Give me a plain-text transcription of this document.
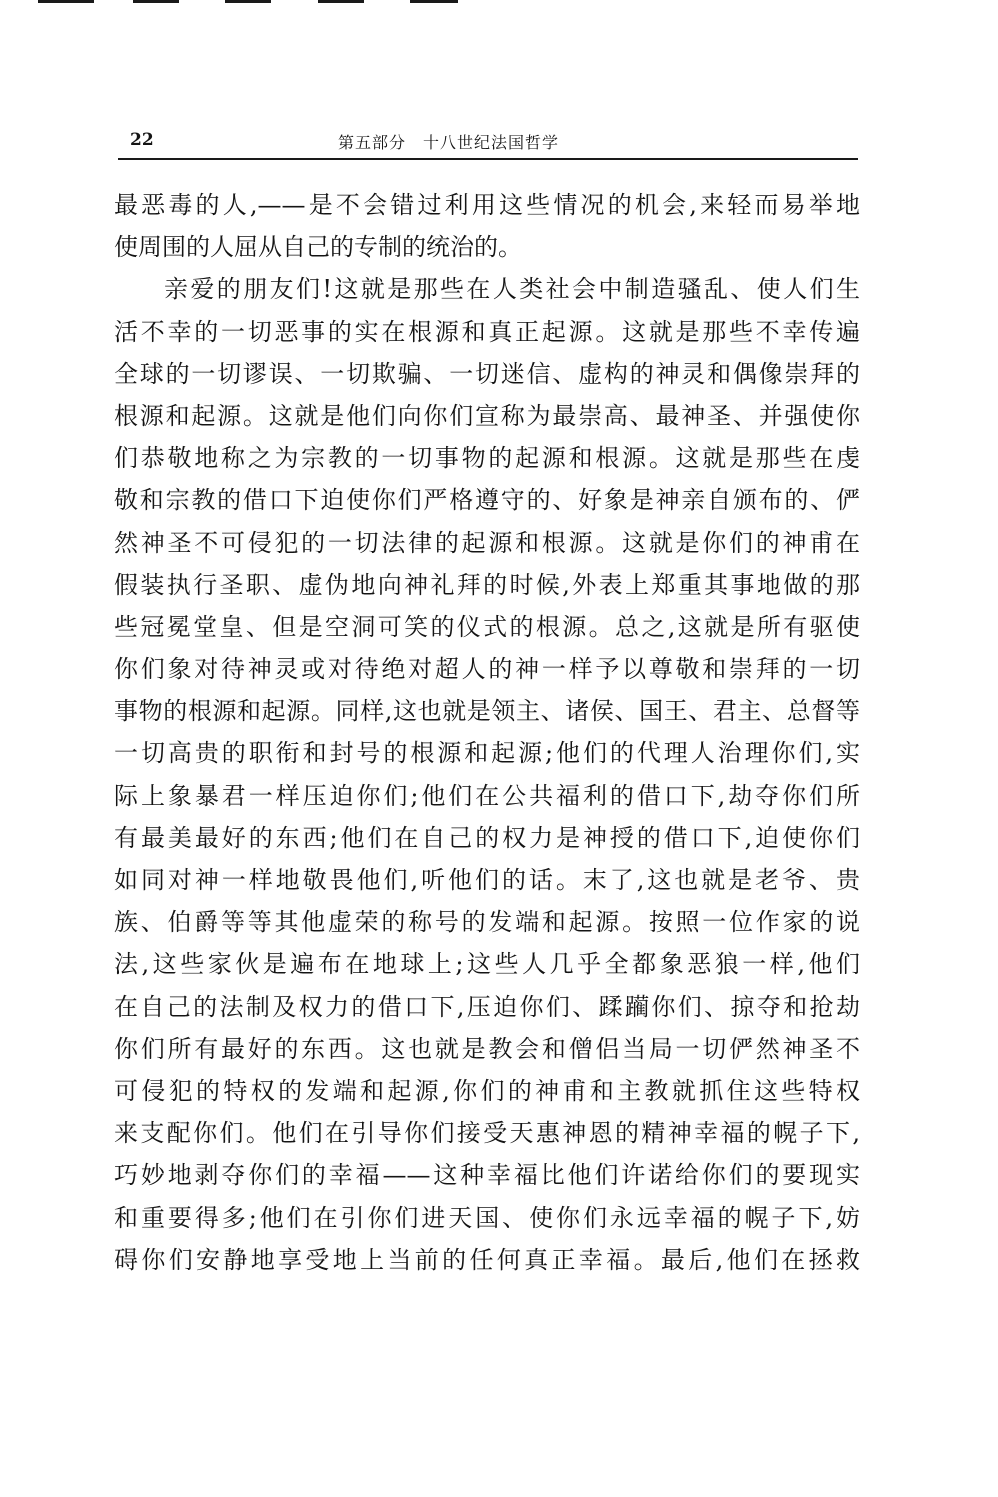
22	第五部分　十八世纪法国哲学
最恶毒的人,——是不会错过利用这些情况的机会,来轻而易举地
使周围的人屈从自己的专制的统治的。
亲爱的朋友们!这就是那些在人类社会中制造骚乱、使人们生
活不幸的一切恶事的实在根源和真正起源。这就是那些不幸传遍
全球的一切谬误、一切欺骗、一切迷信、虚构的神灵和偶像崇拜的
根源和起源。这就是他们向你们宣称为最崇高、最神圣、并强使你
们恭敬地称之为宗教的一切事物的起源和根源。这就是那些在虔
敬和宗教的借口下迫使你们严格遵守的、好象是神亲自颁布的、俨
然神圣不可侵犯的一切法律的起源和根源。这就是你们的神甫在
假装执行圣职、虚伪地向神礼拜的时候,外表上郑重其事地做的那
些冠冕堂皇、但是空洞可笑的仪式的根源。总之,这就是所有驱使
你们象对待神灵或对待绝对超人的神一样予以尊敬和崇拜的一切
事物的根源和起源。同样,这也就是领主、诸侯、国王、君主、总督等
一切高贵的职衔和封号的根源和起源;他们的代理人治理你们,实
际上象暴君一样压迫你们;他们在公共福利的借口下,劫夺你们所
有最美最好的东西;他们在自己的权力是神授的借口下,迫使你们
如同对神一样地敬畏他们,听他们的话。末了,这也就是老爷、贵
族、伯爵等等其他虚荣的称号的发端和起源。按照一位作家的说
法,这些家伙是遍布在地球上;这些人几乎全都象恶狼一样,他们
在自己的法制及权力的借口下,压迫你们、蹂躏你们、掠夺和抢劫
你们所有最好的东西。这也就是教会和僧侣当局一切俨然神圣不
可侵犯的特权的发端和起源,你们的神甫和主教就抓住这些特权
来支配你们。他们在引导你们接受天惠神恩的精神幸福的幌子下,
巧妙地剥夺你们的幸福——这种幸福比他们许诺给你们的要现实
和重要得多;他们在引你们进天国、使你们永远幸福的幌子下,妨
碍你们安静地享受地上当前的任何真正幸福。最后,他们在拯救
